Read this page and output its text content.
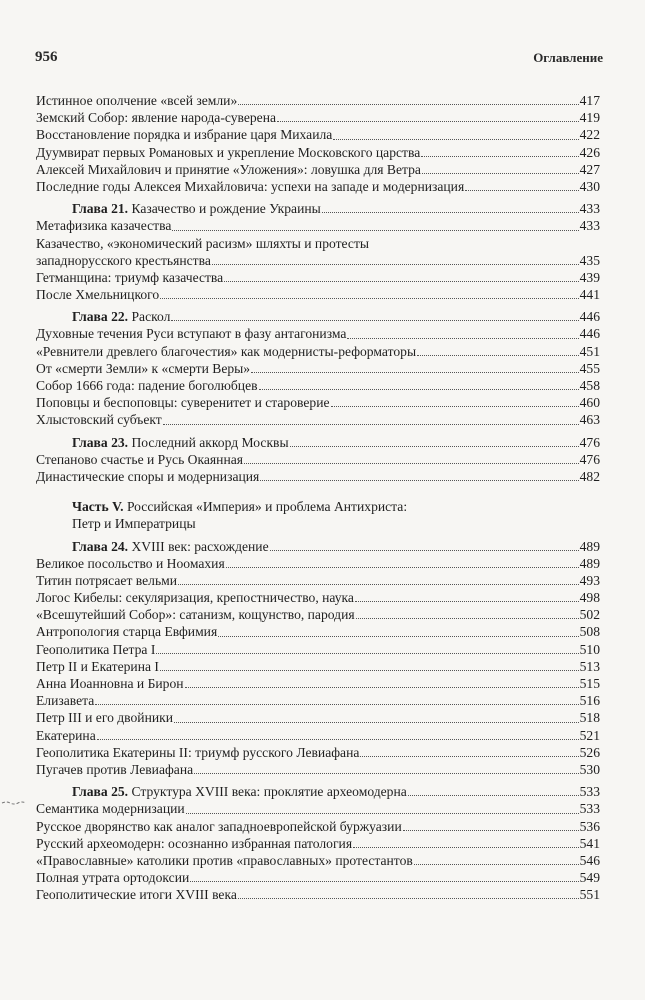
956	Оглавление
Истинное ополчение «всей земли»	417
Земский Собор: явление народа-суверена	419
Восстановление порядка и избрание царя Михаила	422
Дуумвират первых Романовых и укрепление Московского царства	426
Алексей Михайлович и принятие «Уложения»: ловушка для Ветра	427
Последние годы Алексея Михайловича: успехи на западе и модернизация	430
Глава 21. Казачество и рождение Украины	433
Метафизика казачества	433
Казачество, «экономический расизм» шляхты и протесты
западнорусского крестьянства	435
Гетманщина: триумф казачества	439
После Хмельницкого	441
Глава 22. Раскол	446
Духовные течения Руси вступают в фазу антагонизма	446
«Ревнители древлего благочестия» как модернисты-реформаторы	451
От «смерти Земли» к «смерти Веры»	455
Собор 1666 года: падение боголюбцев	458
Поповцы и беспоповцы: суверенитет и староверие	460
Хлыстовский субъект	463
Глава 23. Последний аккорд Москвы	476
Степаново счастье и Русь Окаянная	476
Династические споры и модернизация	482
Часть V. Российская «Империя» и проблема Антихриста:
Петр и Императрицы
Глава 24. XVIII век: расхождение	489
Великое посольство и Ноомахия	489
Титин потрясает вельми	493
Логос Кибелы: секуляризация, крепостничество, наука	498
«Всешутейший Собор»: сатанизм, кощунство, пародия	502
Антропология старца Евфимия	508
Геополитика Петра I	510
Петр II и Екатерина I	513
Анна Иоанновна и Бирон	515
Елизавета	516
Петр III и его двойники	518
Екатерина	521
Геополитика Екатерины II: триумф русского Левиафана	526
Пугачев против Левиафана	530
Глава 25. Структура XVIII века: проклятие археомодерна	533
Семантика модернизации	533
Русское дворянство как аналог западноевропейской буржуазии	536
Русский археомодерн: осознанно избранная патология	541
«Православные» католики против «православных» протестантов	546
Полная утрата ортодоксии	549
Геополитические итоги XVIII века	551
